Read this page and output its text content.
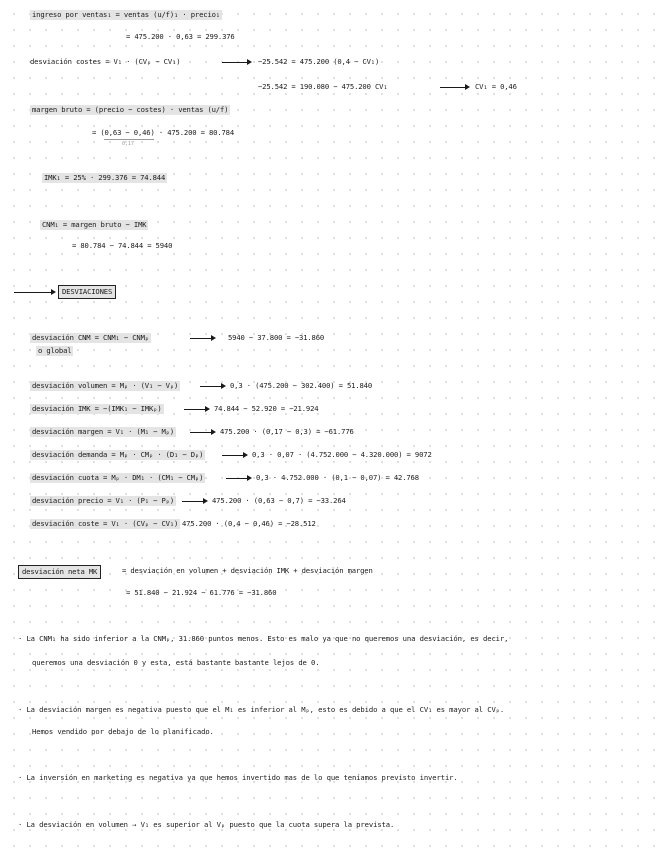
ingreso por ventas₁ = ventas (u/f)₁ · precio₁
= 475.200 · 0,63 = 299.376
desviación costes = V₁ · (CVₚ − CV₁)	−25.542 = 475.200 (0,4 − CV₁)
−25.542 = 190.080 − 475.200 CV₁	CV₁ = 0,46
margen bruto = (precio − costes) · ventas (u/f)
= (0,63 − 0,46) · 475.200 = 80.784
0,17
IMK₁ = 25% · 299.376 = 74.844
CNM₁ = margen bruto − IMK
= 80.784 − 74.844 = 5940
DESVIACIONES
desviación CNM = CNM₁ − CNMₚ	5940 − 37.800 = −31.860
o global
desviación volumen = Mₚ · (V₁ − Vₚ)	0,3 · (475.200 − 302.400) = 51.840
desviación IMK = −(IMK₁ − IMKₚ)	74.844 − 52.920 = −21.924
desviación margen = V₁ · (M₁ − Mₚ)	475.200 · (0,17 − 0,3) = −61.776
desviación demanda = Mₚ · CMₚ · (D₁ − Dₚ)	0,3 · 0,07 · (4.752.000 − 4.320.000) = 9072
desviación cuota = Mₚ · DM₁ · (CM₁ − CMₚ)	0,3 · 4.752.000 · (0,1 − 0,07) = 42.768
desviación precio = V₁ · (P₁ − Pₚ)	475.200 · (0,63 − 0,7) = −33.264
desviación coste = V₁ · (CVₚ − CV₁) 475.200 · (0,4 − 0,46) = −28.512
desviación neta MK	= desviación en volumen + desviación IMK + desviación margen
= 51.840 − 21.924 − 61.776 = −31.860
· La CNM₁ ha sido inferior a la CNMₚ, 31.860 puntos menos. Esto es malo ya que no queremos una desviación, es decir,
queremos una desviación 0 y esta, está bastante bastante lejos de 0.
· La desviación margen es negativa puesto que el M₁ es inferior al Mₚ, esto es debido a que el CV₁ es mayor al CVₚ.
Hemos vendido por debajo de lo planificado.
· La inversión en marketing es negativa ya que hemos invertido mas de lo que teníamos previsto invertir.
· La desviación en volumen → V₁ es superior al Vₚ puesto que la cuota supera la prevista.
